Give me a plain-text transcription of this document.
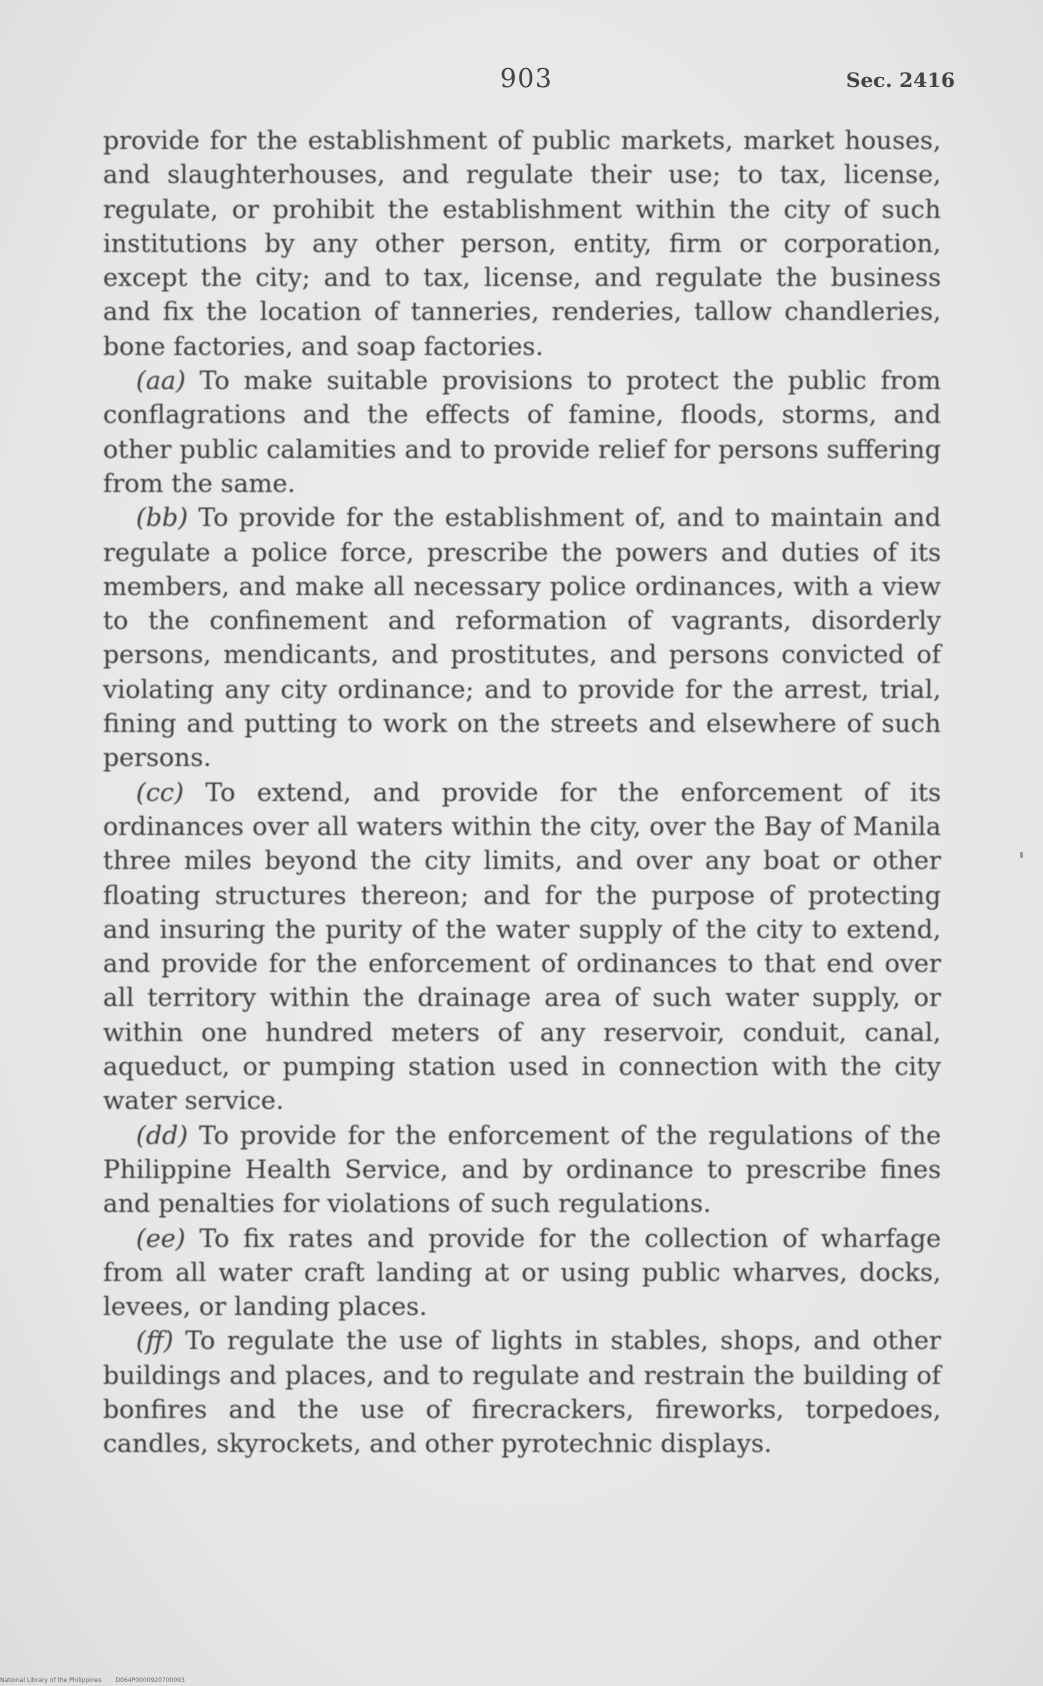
903	Sec. 2416

provide for the establishment of public markets, market houses, and slaughterhouses, and regulate their use; to tax, license, regulate, or prohibit the establishment within the city of such institutions by any other person, entity, firm or corporation, except the city; and to tax, license, and regulate the business and fix the location of tanneries, renderies, tallow chandleries, bone factories, and soap factories.

(aa) To make suitable provisions to protect the public from conflagrations and the effects of famine, floods, storms, and other public calamities and to provide relief for persons suffering from the same.

(bb) To provide for the establishment of, and to maintain and regulate a police force, prescribe the powers and duties of its members, and make all necessary police ordinances, with a view to the confinement and reformation of vagrants, disorderly persons, mendicants, and prostitutes, and persons convicted of violating any city ordinance; and to provide for the arrest, trial, fining and putting to work on the streets and elsewhere of such persons.

(cc) To extend, and provide for the enforcement of its ordinances over all waters within the city, over the Bay of Manila three miles beyond the city limits, and over any boat or other floating structures thereon; and for the purpose of protecting and insuring the purity of the water supply of the city to extend, and provide for the enforcement of ordinances to that end over all territory within the drainage area of such water supply, or within one hundred meters of any reservoir, conduit, canal, aqueduct, or pumping station used in connection with the city water service.

(dd) To provide for the enforcement of the regulations of the Philippine Health Service, and by ordinance to prescribe fines and penalties for violations of such regulations.

(ee) To fix rates and provide for the collection of wharfage from all water craft landing at or using public wharves, docks, levees, or landing places.

(ff) To regulate the use of lights in stables, shops, and other buildings and places, and to regulate and restrain the building of bonfires and the use of firecrackers, fireworks, torpedoes, candles, skyrockets, and other pyrotechnic displays.

National Library of the Philippines D064P0000920700093
